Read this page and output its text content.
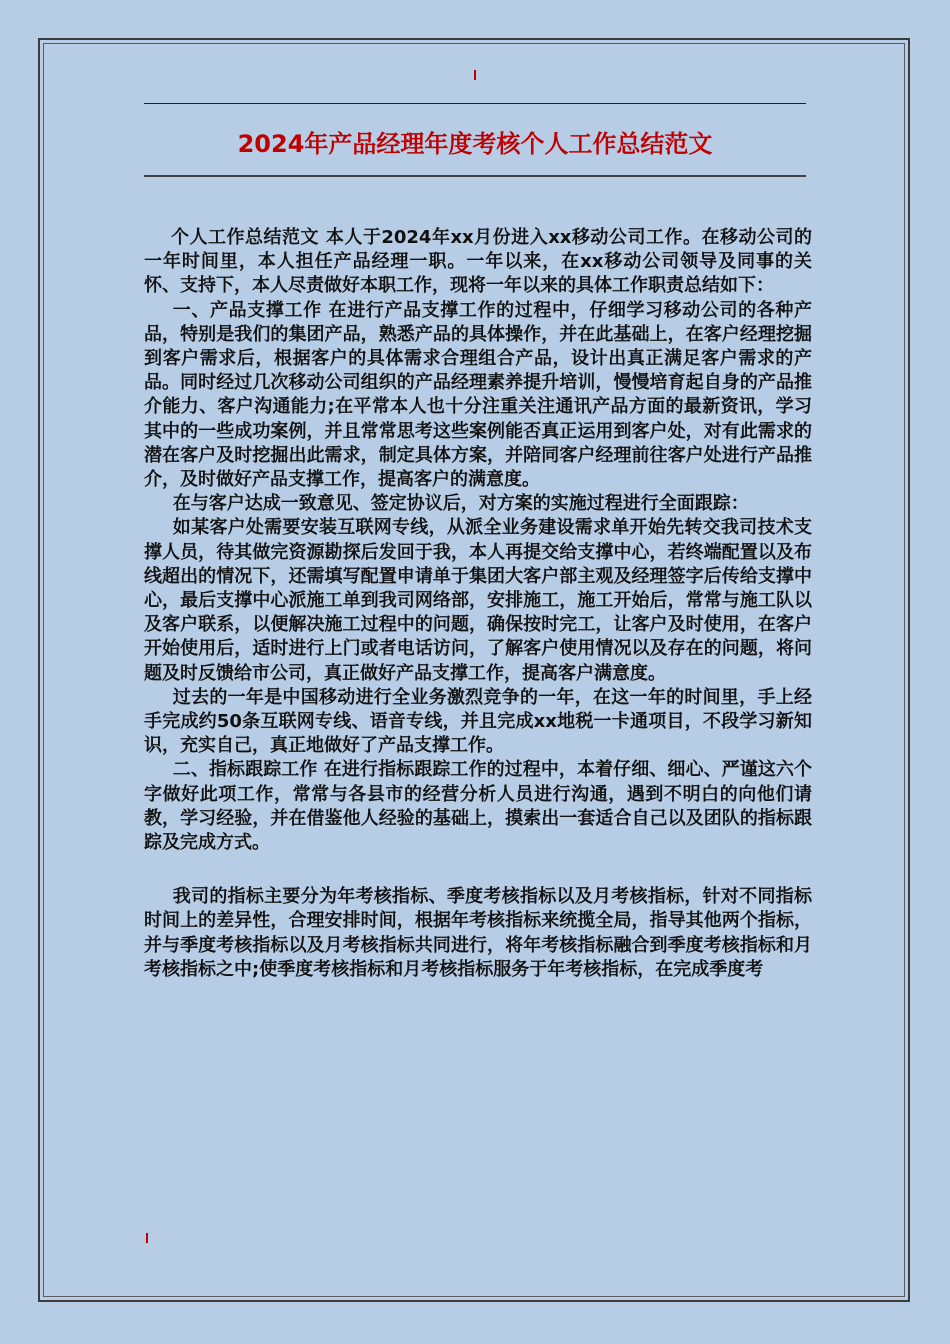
2024年产品经理年度考核个人工作总结范文

个人工作总结范文 本人于2024年xx月份进入xx移动公司工作。在移动公司的一年时间里，本人担任产品经理一职。一年以来，在xx移动公司领导及同事的关怀、支持下，本人尽责做好本职工作，现将一年以来的具体工作职责总结如下：

一、产品支撑工作 在进行产品支撑工作的过程中，仔细学习移动公司的各种产品，特别是我们的集团产品，熟悉产品的具体操作，并在此基础上，在客户经理挖掘到客户需求后，根据客户的具体需求合理组合产品，设计出真正满足客户需求的产品。同时经过几次移动公司组织的产品经理素养提升培训，慢慢培育起自身的产品推介能力、客户沟通能力;在平常本人也十分注重关注通讯产品方面的最新资讯，学习其中的一些成功案例，并且常常思考这些案例能否真正运用到客户处，对有此需求的潜在客户及时挖掘出此需求，制定具体方案，并陪同客户经理前往客户处进行产品推介，及时做好产品支撑工作，提高客户的满意度。

在与客户达成一致意见、签定协议后，对方案的实施过程进行全面跟踪：

如某客户处需要安装互联网专线，从派全业务建设需求单开始先转交我司技术支撑人员，待其做完资源勘探后发回于我，本人再提交给支撑中心，若终端配置以及布线超出的情况下，还需填写配置申请单于集团大客户部主观及经理签字后传给支撑中心，最后支撑中心派施工单到我司网络部，安排施工，施工开始后，常常与施工队以及客户联系，以便解决施工过程中的问题，确保按时完工，让客户及时使用，在客户开始使用后，适时进行上门或者电话访问，了解客户使用情况以及存在的问题，将问题及时反馈给市公司，真正做好产品支撑工作，提高客户满意度。

过去的一年是中国移动进行全业务激烈竞争的一年，在这一年的时间里，手上经手完成约50条互联网专线、语音专线，并且完成xx地税一卡通项目，不段学习新知识，充实自己，真正地做好了产品支撑工作。

二、指标跟踪工作 在进行指标跟踪工作的过程中，本着仔细、细心、严谨这六个字做好此项工作，常常与各县市的经营分析人员进行沟通，遇到不明白的向他们请教，学习经验，并在借鉴他人经验的基础上，摸索出一套适合自己以及团队的指标跟踪及完成方式。

我司的指标主要分为年考核指标、季度考核指标以及月考核指标，针对不同指标时间上的差异性，合理安排时间，根据年考核指标来统揽全局，指导其他两个指标，并与季度考核指标以及月考核指标共同进行，将年考核指标融合到季度考核指标和月考核指标之中;使季度考核指标和月考核指标服务于年考核指标，在完成季度考
